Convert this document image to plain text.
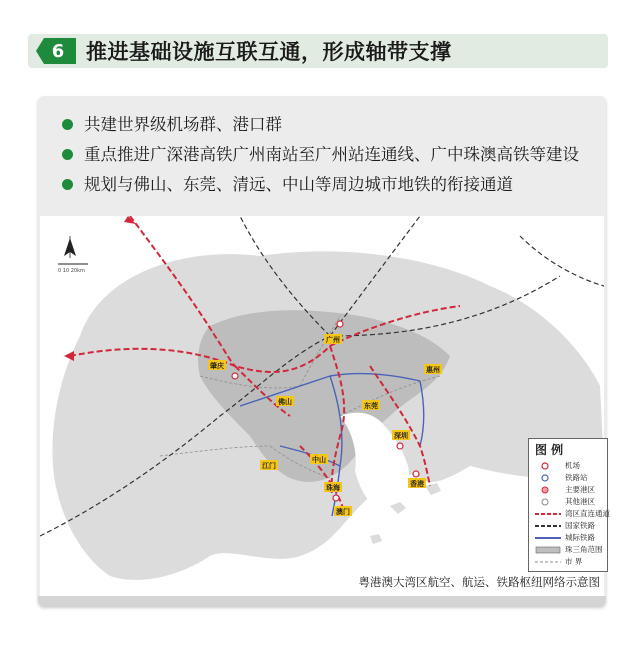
6 推进基础设施互联互通，形成轴带支撑
共建世界级机场群、港口群
重点推进广深港高铁广州南站至广州站连通线、广中珠澳高铁等建设
规划与佛山、东莞、清远、中山等周边城市地铁的衔接通道
0 10 20km
肇庆
广州
惠州
佛山	东莞
深圳
江门
中山
珠海
澳门
香港
图 例
机场
铁路站
主要港区
其他港区
湾区直连通道
国家铁路
城际铁路
珠三角范围
市 界
粤港澳大湾区航空、航运、铁路枢纽网络示意图
